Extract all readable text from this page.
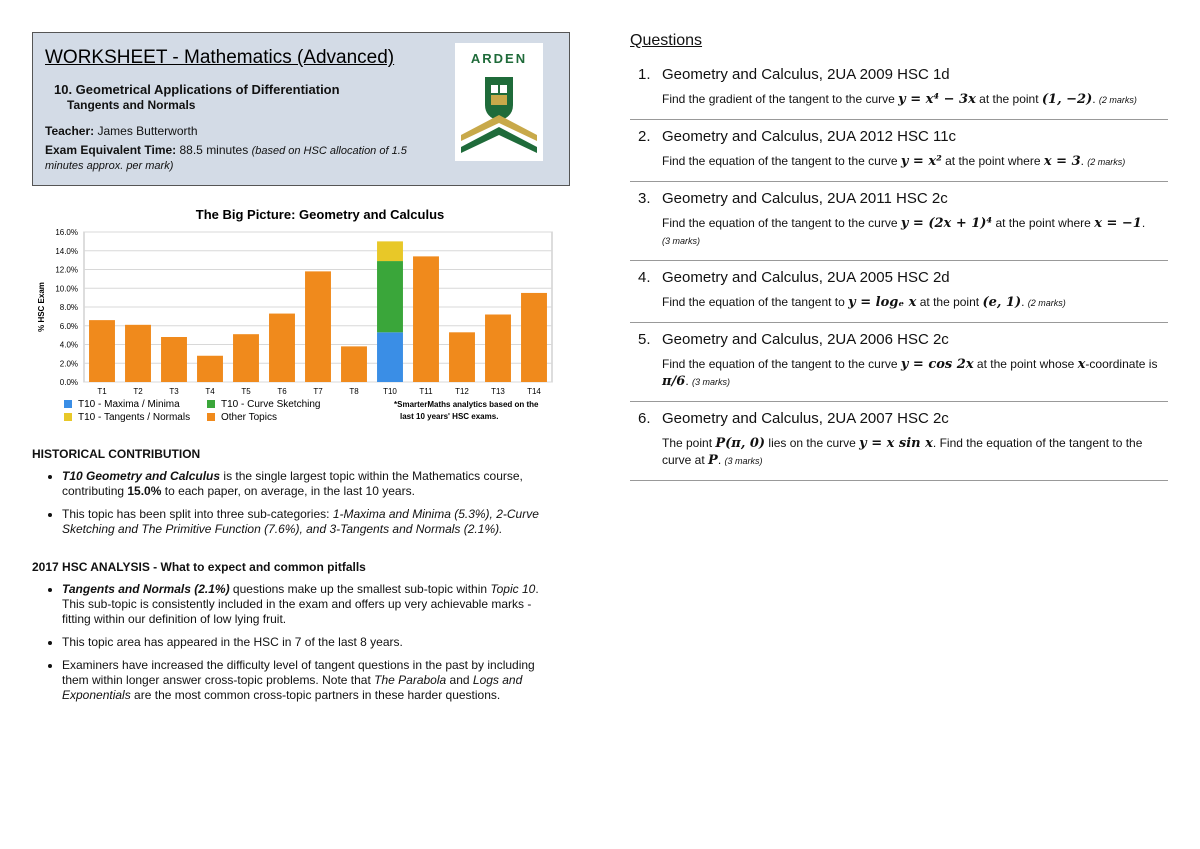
WORKSHEET - Mathematics (Advanced)
10. Geometrical Applications of Differentiation
Tangents and Normals
Teacher: James Butterworth
Exam Equivalent Time: 88.5 minutes (based on HSC allocation of 1.5 minutes approx. per mark)
ARDEN
The Big Picture: Geometry and Calculus
0.0%
2.0%
4.0%
6.0%
8.0%
10.0%
12.0%
14.0%
16.0%
% HSC Exam
T1	T2	T3	T4	T5	T6	T7	T8	T10	T11	T12	T13	T14
T10 - Maxima / Minima	T10 - Curve Sketching
T10 - Tangents / Normals	Other Topics
*SmarterMaths analytics based on the
last 10 years' HSC exams.

HISTORICAL CONTRIBUTION

• T10 Geometry and Calculus is the single largest topic within the Mathematics course, contributing 15.0% to each paper, on average, in the last 10 years.
• This topic has been split into three sub-categories: 1-Maxima and Minima (5.3%), 2-Curve Sketching and The Primitive Function (7.6%), and 3-Tangents and Normals (2.1%).

2017 HSC ANALYSIS - What to expect and common pitfalls

• Tangents and Normals (2.1%) questions make up the smallest sub-topic within Topic 10. This sub-topic is consistently included in the exam and offers up very achievable marks - fitting within our definition of low lying fruit.
• This topic area has appeared in the HSC in 7 of the last 8 years.
• Examiners have increased the difficulty level of tangent questions in the past by including them within longer answer cross-topic problems. Note that The Parabola and Logs and Exponentials are the most common cross-topic partners in these harder questions.

Questions

1. Geometry and Calculus, 2UA 2009 HSC 1d
Find the gradient of the tangent to the curve y = x⁴ − 3x at the point (1, −2). (2 marks)
2. Geometry and Calculus, 2UA 2012 HSC 11c
Find the equation of the tangent to the curve y = x² at the point where x = 3. (2 marks)
3. Geometry and Calculus, 2UA 2011 HSC 2c
Find the equation of the tangent to the curve y = (2x + 1)⁴ at the point where x = −1.
(3 marks)
4. Geometry and Calculus, 2UA 2005 HSC 2d
Find the equation of the tangent to y = logₑ x at the point (e, 1). (2 marks)
5. Geometry and Calculus, 2UA 2006 HSC 2c
Find the equation of the tangent to the curve y = cos 2x at the point whose x-coordinate is
π/6. (3 marks)
6. Geometry and Calculus, 2UA 2007 HSC 2c
The point P(π, 0) lies on the curve y = x sin x. Find the equation of the tangent to the curve at P. (3 marks)
